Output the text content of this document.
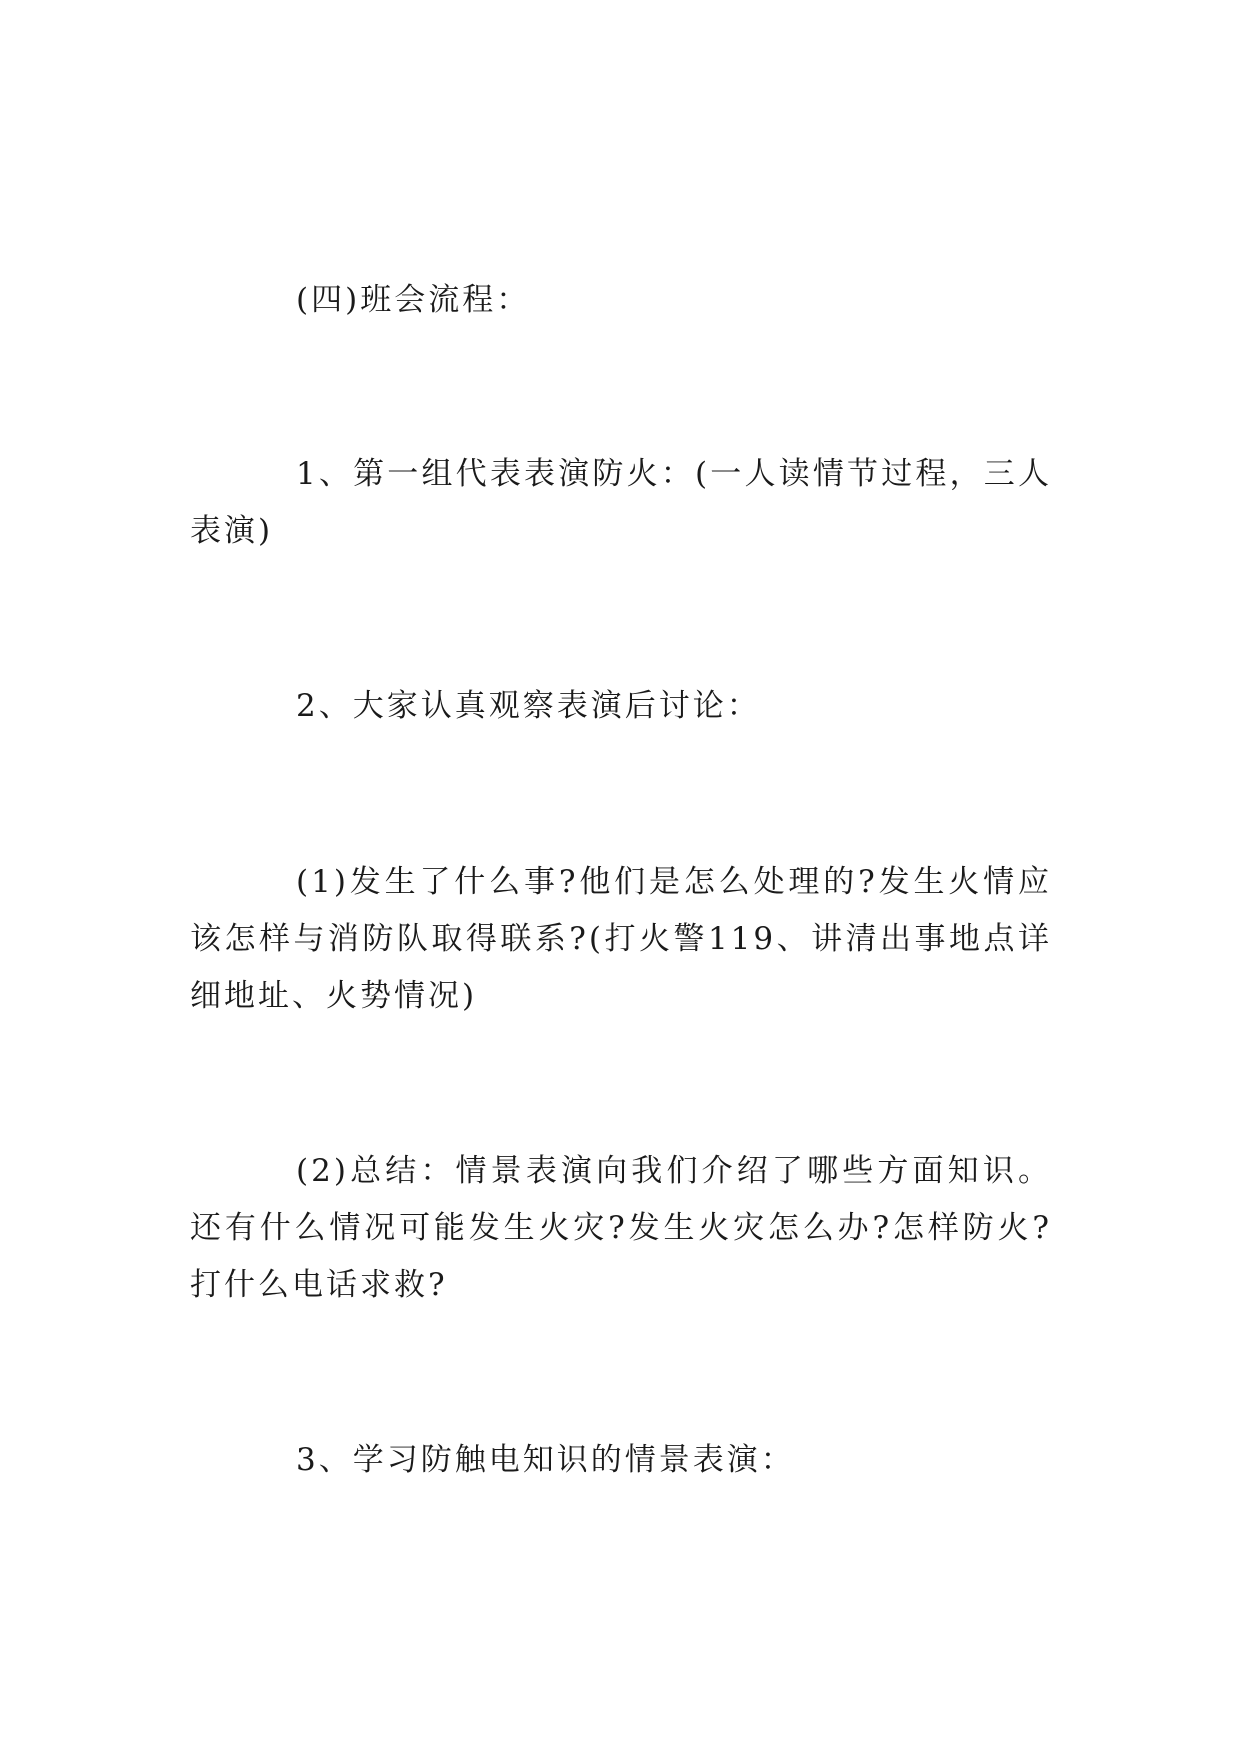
(四)班会流程：

1、第一组代表表演防火：(一人读情节过程，三人表演)

2、大家认真观察表演后讨论：

(1)发生了什么事?他们是怎么处理的?发生火情应该怎样与消防队取得联系?(打火警119、讲清出事地点详细地址、火势情况)

(2)总结：情景表演向我们介绍了哪些方面知识。还有什么情况可能发生火灾?发生火灾怎么办?怎样防火?打什么电话求救?

3、学习防触电知识的情景表演：
